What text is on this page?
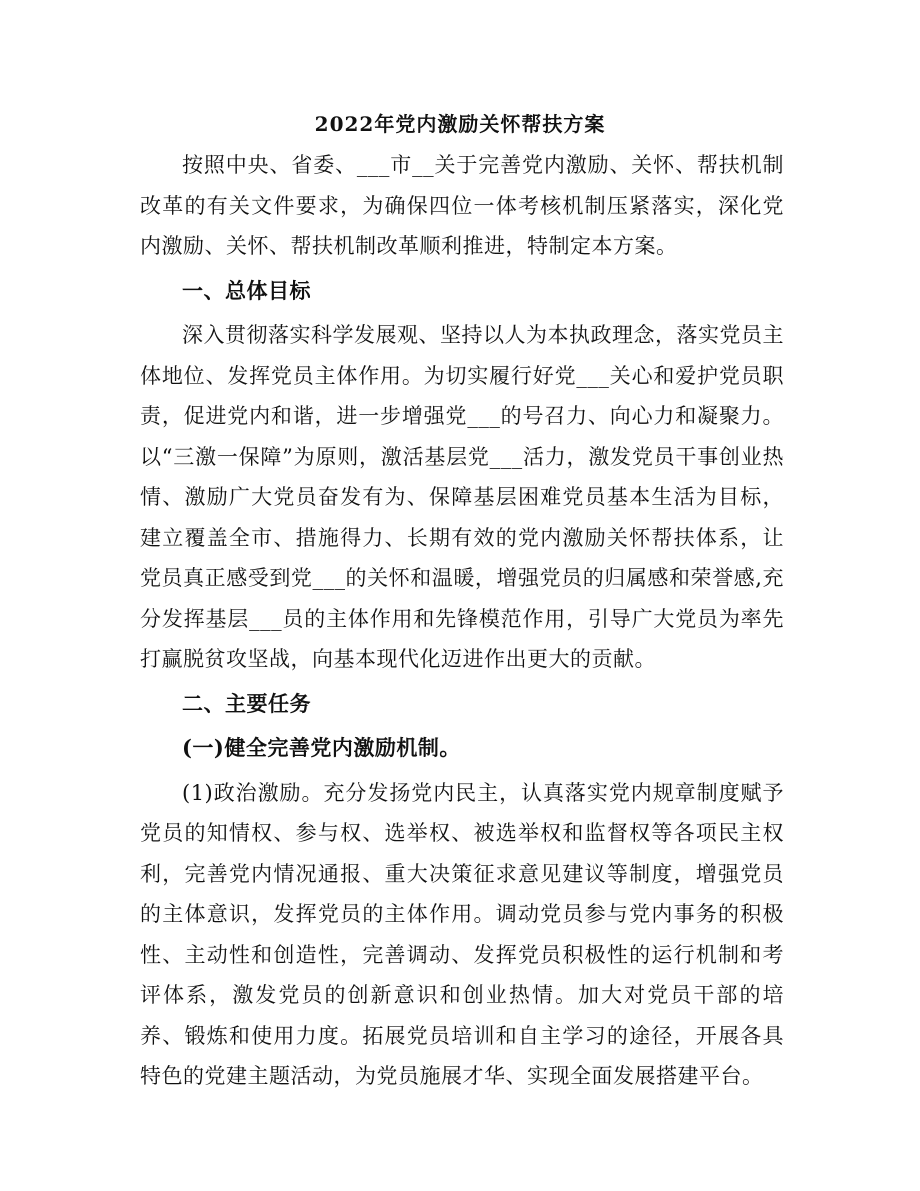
2022年党内激励关怀帮扶方案

按照中央、省委、___市__关于完善党内激励、关怀、帮扶机制改革的有关文件要求，为确保四位一体考核机制压紧落实，深化党内激励、关怀、帮扶机制改革顺利推进，特制定本方案。

一、总体目标

深入贯彻落实科学发展观、坚持以人为本执政理念，落实党员主体地位、发挥党员主体作用。为切实履行好党___关心和爱护党员职责，促进党内和谐，进一步增强党___的号召力、向心力和凝聚力。以“三激一保障”为原则，激活基层党___活力，激发党员干事创业热情、激励广大党员奋发有为、保障基层困难党员基本生活为目标，建立覆盖全市、措施得力、长期有效的党内激励关怀帮扶体系，让党员真正感受到党___的关怀和温暖，增强党员的归属感和荣誉感,充分发挥基层___员的主体作用和先锋模范作用，引导广大党员为率先打赢脱贫攻坚战，向基本现代化迈进作出更大的贡献。

二、主要任务

(一)健全完善党内激励机制。

(1)政治激励。充分发扬党内民主，认真落实党内规章制度赋予党员的知情权、参与权、选举权、被选举权和监督权等各项民主权利，完善党内情况通报、重大决策征求意见建议等制度，增强党员的主体意识，发挥党员的主体作用。调动党员参与党内事务的积极性、主动性和创造性，完善调动、发挥党员积极性的运行机制和考评体系，激发党员的创新意识和创业热情。加大对党员干部的培养、锻炼和使用力度。拓展党员培训和自主学习的途径，开展各具特色的党建主题活动，为党员施展才华、实现全面发展搭建平台。
